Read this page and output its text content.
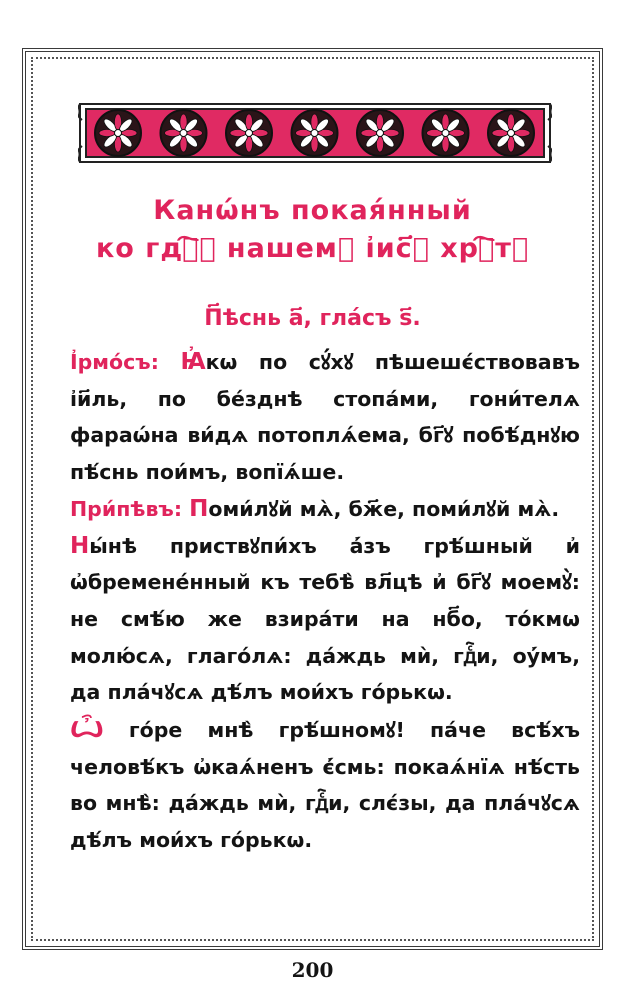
Канѡ́нъ покая́нный
ко гдⷭ҇ꙋ нашемꙋ і҆ис҃ꙋ хрⷭ҇тꙋ
П҃ѣснь а҃, гла́съ ѕ҃.

І҆рмо́съ: Ꙗ҆кѡ по сꙋ́хꙋ пѣшешє́ствовавъ і҆и҃ль, по бе́зднѣ стопа́ми, гони́телѧ фараѡ́на ви́дѧ потоплѧ́ема, бг҃ꙋ побѣ́днꙋю пѣ́снь пои́мъ, вопїѧ́ше.

При́пѣвъ: Поми́лꙋй мѧ̀, бж҃е, поми́лꙋй мѧ̀.

Ны́нѣ приствꙋпи́хъ а҆́зъ грѣ́шный и҆ ѡ҆бремене́нный къ тебѣ̀ вл҃цѣ и҆ бг҃ꙋ моемꙋ̀: не смѣ́ю же взира́ти на нб҃о, то́кмѡ молю́сѧ, глаго́лѧ: да́ждь мѝ, гдⷭ҇и, оу҆́мъ, да пла́чꙋсѧ дѣ́лъ мои́хъ го́рькѡ.

Ѽ го́ре мнѣ̀ грѣ́шномꙋ! па́че всѣ́хъ человѣ́къ ѡ҆каѧ́ненъ є҆́смь: покаѧ́нїѧ нѣ́сть во мнѣ̀: да́ждь мѝ, гдⷭ҇и, слє́зы, да пла́чꙋсѧ дѣ́лъ мои́хъ го́рькѡ.

200
